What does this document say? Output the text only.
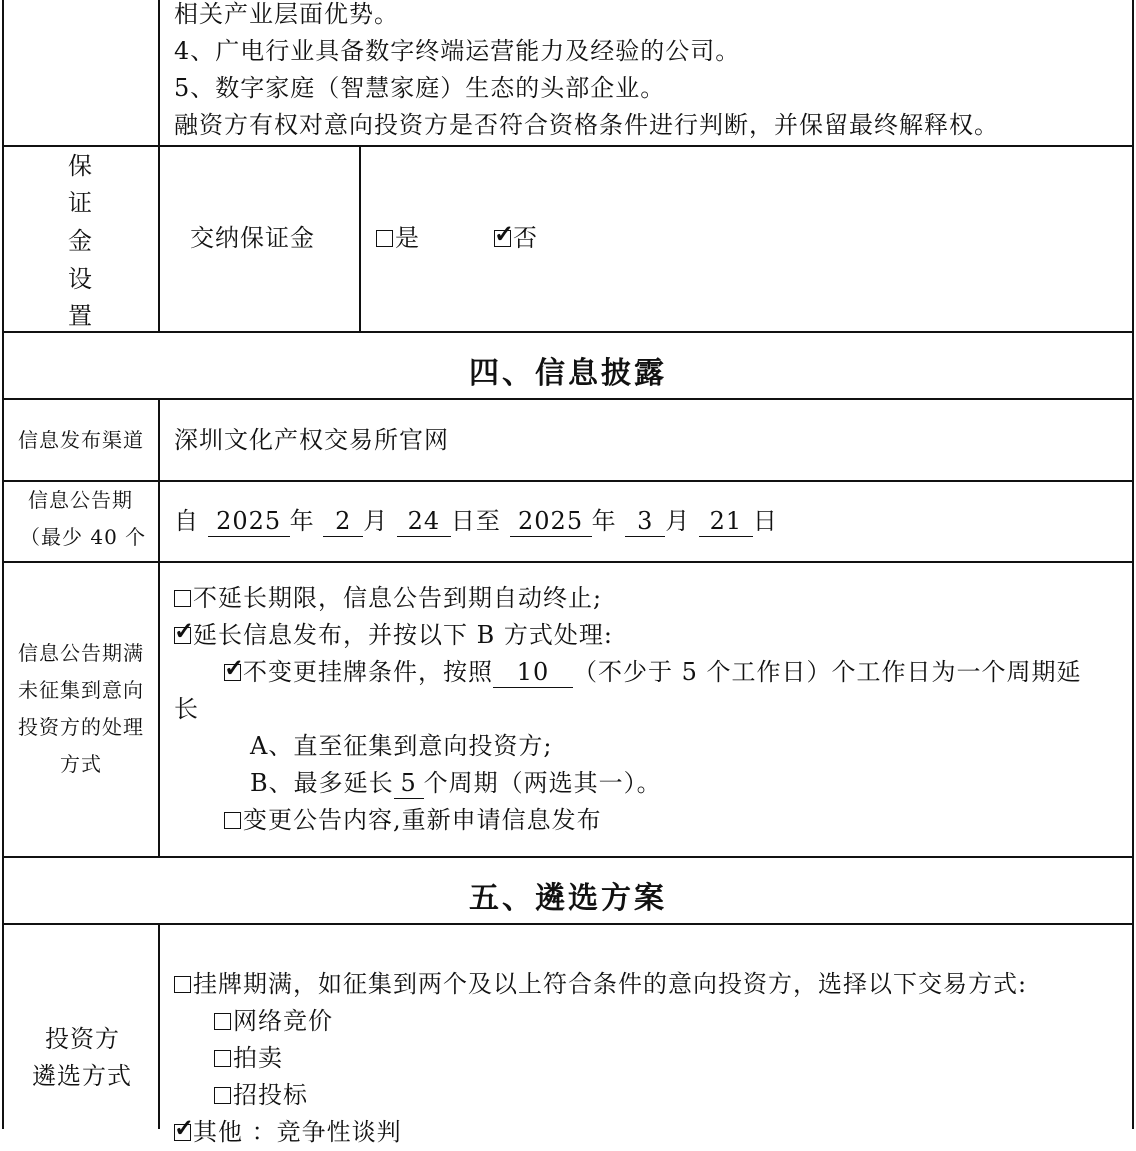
相关产业层面优势。
4、广电行业具备数字终端运营能力及经验的公司。
5、数字家庭（智慧家庭）生态的头部企业。
融资方有权对意向投资方是否符合资格条件进行判断，并保留最终解释权。
保
证
金
设
置
交纳保证金	是
✓	否
四、信息披露
信息发布渠道 深圳文化产权交易所官网
信息公告期
（最少 40 个
自 2025 年 2 月 24 日至 2025 年 3 月 21 日
信息公告期满
未征集到意向
投资方的处理
方式
不延长期限，信息公告到期自动终止;
✓延长信息发布，并按以下 B 方式处理:
✓不变更挂牌条件，按照 10 （不少于 5 个工作日）个工作日为一个周期延
长
A、直至征集到意向投资方;
B、最多延长 5 个周期（两选其一）。
变更公告内容,重新申请信息发布
五、遴选方案
投资方
遴选方式
挂牌期满，如征集到两个及以上符合条件的意向投资方，选择以下交易方式:
网络竞价
拍卖
招投标
✓其他 ：竞争性谈判
